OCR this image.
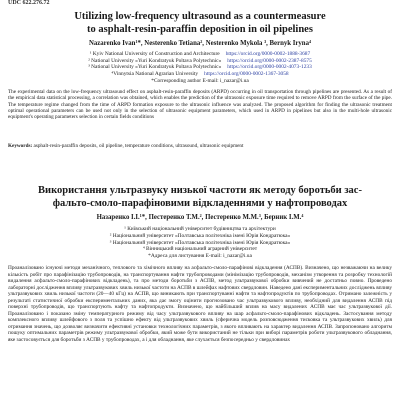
UDC 622.276.72
Utilizing low-frequency ultrasound as a countermeasure
to asphalt-resin-paraffin deposition in oil pipelines
Nazarenko Ivan¹*, Nesterenko Tetiana², Nesterenko Mykola ³, Bernyk Iryna⁴
¹ Kyiv National University of Construction and Architecture https://orcid.org/0000-0002-1888-3687
² National University «Yuri Kondratyuk Poltava Polytechnic» https://orcid.org/0000-0002-2387-8575
³ National University «Yuri Kondratyuk Poltava Polytechnic» https://orcid.org/0000-0002-4073-1233
⁴Vinnytsia National Agrarian University https://orcid.org/0000-0002-1367-3058
*Corresponding author E-mail: i_nazar@i.ua
The experimental data on the low-frequency ultrasound effect on asphalt-resin-paraffin deposits (ARPD) occurring in oil transportation through pipelines are presented. As a result of the empirical data statistical processing, a correlation was obtained, which enables the prediction of the ultrasonic exposure time required to remove ARPD from the surface of the pipe. The temperature regime changed from the time of ARPD formation exposure to the ultrasonic influence was analyzed. The proposed algorithm for finding the ultrasonic treatment optimal operational parameters can be used not only in the selection of ultrasonic equipment parameters, which used in ARPD in pipelines but also in the multi-hole ultrasonic equipment's operating parameters selection in certain fields conditions
Keywords: asphalt-resin-paraffin deposits, oil pipeline, temperature conditions, ultrasound, ultrasonic equipment
Використання ультразвуку низької частоти як методу боротьби зас-
фальто-смоло-парафіновими відкладеннями у нафтопроводах
Назаренко І.І.¹*, Пестеренко Т.М.², Пестеренко М.М.³, Берник І.М.⁴
¹ Київський національний університет будівництва та архітектури
² Національний університет «Полтавська політехніка імені Юрія Кондратюка»
³ Національний університет «Полтавська політехніка імені Юрія Кондратюка»
⁴ Вінницький національний аграрний університет
*Адреса для листування E-mail: i_nazar@i.ua
Проаналізовано існуючі методи механічного, теплового та хімічного впливу на асфальто-смоло-парафінові відкладення (АСПВ). Визначено, що незважаючи на велику кількість робіт про парафінізацію трубопроводів, на транспортування нафти трубопроводами (мінімізацію трубопроводів, механізм утворення та розробку технологій видалення асфальто-смоло-парафінових відкладень), та про методи боротьби з АСПВ, метод ультразвукової обробки вивчений не достатньо повно. Проведено лабораторні дослідження впливу ультразвукових хвиль низької частоти на АСПВ в шлейфах нафтових свердловин. Наведено дані експериментальних досліджень впливу ультразвукових хвиль низької частоти (20—40 кГц) на АСПВ, що виникають при транспортуванні нафти та нафтопродуктів по трубопроводах. Отримано залежність у результаті статистичної обробки експериментальних даних, яка дає змогу оцінити прогнозовано час ультразвукового впливу, необхідний для видалення АСПВ під поверхні трубопроводів, що транспортують нафту та нафтопродукти. Визначено, що найбільший вплив на масу видалених АСПВ має час ультразвукової дії. Проаналізовано і показано зміну температурного режиму від часу ультразвукового впливу на шар асфальто-смоло-парафінових відкладень. Застосування методу комплексного впливу шлейфового з поля та успішно ефекту від ультразвукових хвиль (сферична модель розповсюдження тисковка та ультразвукових хвиль) для отримання значень, що дозволяє визначити ефективні установки технологічних параметрів, з якого впливають на характер видалення АСПВ. Запропоновано алгоритм пошуку оптимальних параметрів режиму ультразвукової обробки, який може бути використаний не тільки при виборі параметрів роботи ультразвукового обладнання, яке застосовується для боротьби з АСПВ у трубопроводах, а і для обладнання, яке слухається безпосередньо у свердловинах
